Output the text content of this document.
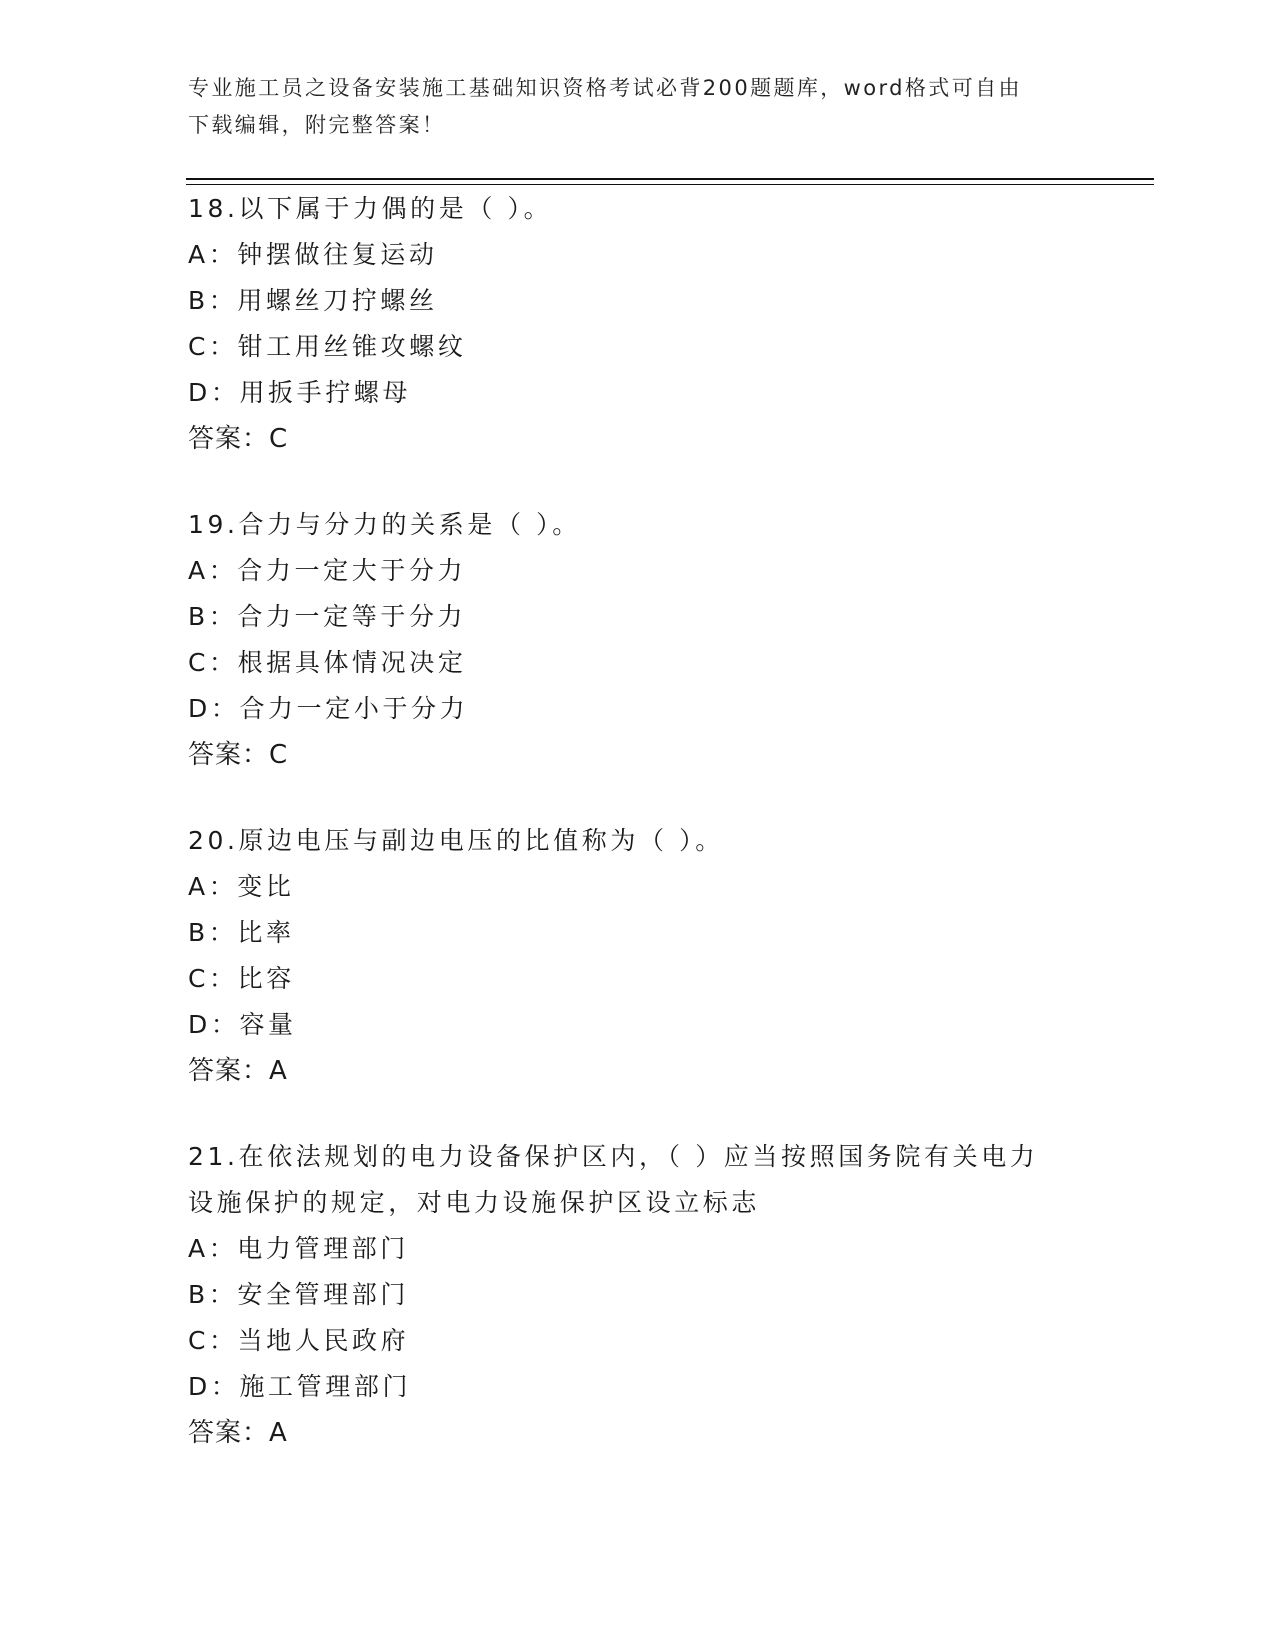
专业施工员之设备安装施工基础知识资格考试必背200题题库，word格式可自由
下载编辑，附完整答案！
18.以下属于力偶的是（ ）。
A：钟摆做往复运动
B：用螺丝刀拧螺丝
C：钳工用丝锥攻螺纹
D：用扳手拧螺母
答案：C
19.合力与分力的关系是（ ）。
A：合力一定大于分力
B：合力一定等于分力
C：根据具体情况决定
D：合力一定小于分力
答案：C
20.原边电压与副边电压的比值称为（ ）。
A：变比
B：比率
C：比容
D：容量
答案：A
21.在依法规划的电力设备保护区内，（ ）应当按照国务院有关电力
设施保护的规定，对电力设施保护区设立标志
A：电力管理部门
B：安全管理部门
C：当地人民政府
D：施工管理部门
答案：A
